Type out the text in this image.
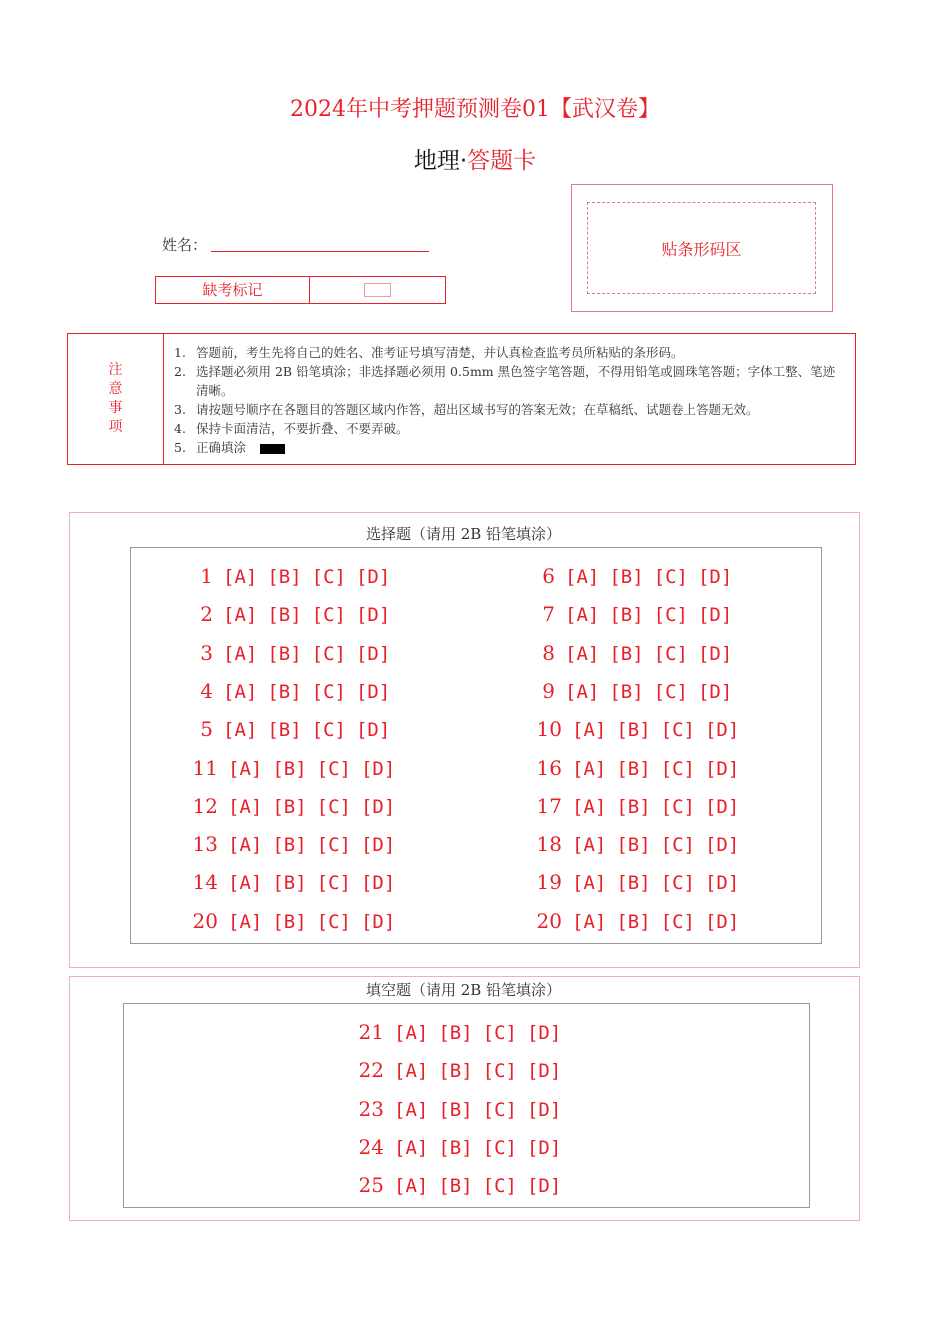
2024年中考押题预测卷01【武汉卷】
地理·答题卡
贴条形码区
姓名：
缺考标记
注
意
事
项
1. 答题前，考生先将自己的姓名、准考证号填写清楚，并认真检查监考员所粘贴的条形码。
2. 选择题必须用 2B 铅笔填涂；非选择题必须用 0.5mm 黑色签字笔答题，不得用铅笔或圆珠笔答题；字体工整、笔迹清晰。
3. 请按题号顺序在各题目的答题区域内作答，超出区域书写的答案无效；在草稿纸、试题卷上答题无效。
4. 保持卡面清洁，不要折叠、不要弄破。
5. 正确填涂
选择题（请用 2B 铅笔填涂）
1 [A] [B] [C] [D]
2 [A] [B] [C] [D]
3 [A] [B] [C] [D]
4 [A] [B] [C] [D]
5 [A] [B] [C] [D]
11 [A] [B] [C] [D]
12 [A] [B] [C] [D]
13 [A] [B] [C] [D]
14 [A] [B] [C] [D]
20 [A] [B] [C] [D]
6 [A] [B] [C] [D]
7 [A] [B] [C] [D]
8 [A] [B] [C] [D]
9 [A] [B] [C] [D]
10 [A] [B] [C] [D]
16 [A] [B] [C] [D]
17 [A] [B] [C] [D]
18 [A] [B] [C] [D]
19 [A] [B] [C] [D]
20 [A] [B] [C] [D]
填空题（请用 2B 铅笔填涂）
21 [A] [B] [C] [D]
22 [A] [B] [C] [D]
23 [A] [B] [C] [D]
24 [A] [B] [C] [D]
25 [A] [B] [C] [D]
